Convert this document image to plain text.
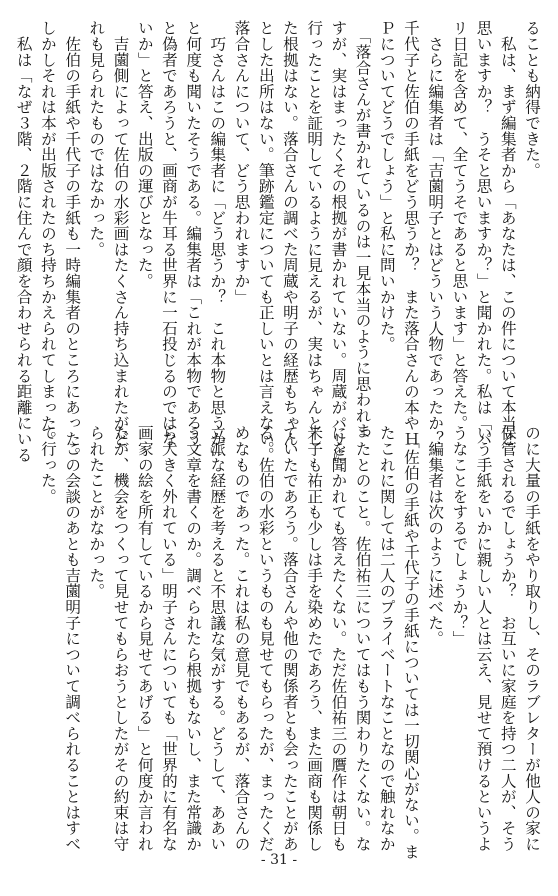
ることも納得できた。
　私は、まず編集者から「あなたは、この件について本当と
思いますか？　うそと思いますか？」と聞かれた。私は「パ
リ日記を含めて、全てうそであると思います」と答えた。
　さらに編集者は「吉薗明子とはどういう人物であったか？
千代子と佐伯の手紙をどう思うか？　また落合さんの本やＨ
Ｐについてどうでしょう」と私に問いかけた。
　「落合さんが書かれているのは一見本当のように思われま
すが、実はまったくその根拠が書かれていない。周蔵がパリに
行ったことを証明しているように見えるが、実はちゃんとし
た根拠はない。落合さんの調べた周蔵や明子の経歴もちゃん
とした出所はない。筆跡鑑定についても正しいとは言えない。
落合さんについて、どう思われますか」
　巧さんはこの編集者に「どう思うか？　これ本物と思うか」
と何度も聞いたそうである。編集者は「これが本物であろう
と偽者であろうと、画商が牛耳る世界に一石投じるのではな
いか」と答え、出版の運びとなった。
　吉薗側によって佐伯の水彩画はたくさん持ち込まれたがど
れも見られたものではなかった。
　佐伯の手紙や千代子の手紙も一時編集者のところにあった。
しかしそれは本が出版されたのち持ちかえられてしまった。
　私は「なぜ３階、２階に住んで顔を合わせられる距離にいる
のに大量の手紙をやり取りし、そのラブレターが他人の家に
保管されるでしょうか？　お互いに家庭を持つ二人が、そう
いう手紙をいかに親しい人とは云え、見せて預けるというよ
うなことをするでしょうか？」
　編集者は次のように述べた。
　「佐伯の手紙や千代子の手紙については一切関心がない。ま
たこれに関しては二人のプライベートなことなので触れなか
ったとのこと。佐伯祐三についてはもう関わりたくない。な
にを聞かれても答えたくない。ただ佐伯祐三の贋作は朝日も
米子も祐正も少しは手を染めたであろう、また画商も関係し
ていたであろう。落合さんや他の関係者とも会ったことがあ
る。佐伯の水彩というものも見せてもらったが、まったくだ
めなものであった。これは私の意見でもあるが、落合さんの
立派な経歴を考えると不思議な気がする。どうして、ああい
う文章を書くのか。調べられたら根拠もないし、また常識か
ら大きく外れている」明子さんについても「世界的に有名な
画家の絵を所有しているから見せてあげる」と何度か言われ
たが、機会をつくって見せてもらおうとしたがその約束は守
られたことがなかった。
　この会談のあとも吉薗明子について調べられることはすべ
て行った。
- 31 -
